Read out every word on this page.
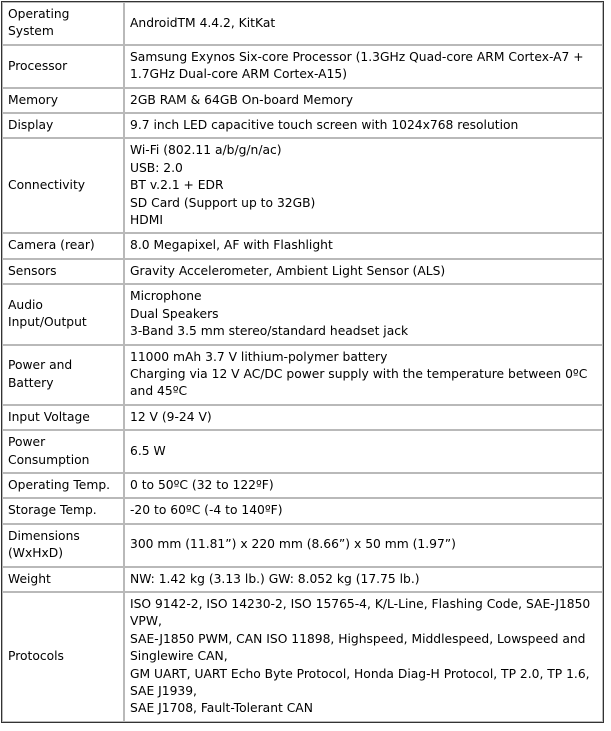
Operating System	AndroidTM 4.4.2, KitKat

Processor	Samsung Exynos Six-core Processor (1.3GHz Quad-core ARM Cortex-A7 + 1.7GHz Dual-core ARM Cortex-A15)

Memory	2GB RAM & 64GB On-board Memory

Display	9.7 inch LED capacitive touch screen with 1024x768 resolution

Connectivity	Wi-Fi (802.11 a/b/g/n/ac)
USB: 2.0
BT v.2.1 + EDR
SD Card (Support up to 32GB)
HDMI

Camera (rear)	8.0 Megapixel, AF with Flashlight

Sensors	Gravity Accelerometer, Ambient Light Sensor (ALS)

Audio
Input/Output	Microphone
Dual Speakers
3-Band 3.5 mm stereo/standard headset jack

Power and
Battery	11000 mAh 3.7 V lithium-polymer battery
Charging via 12 V AC/DC power supply with the temperature between 0ºC and 45ºC

Input Voltage	12 V (9-24 V)

Power
Consumption	6.5 W

Operating Temp.	0 to 50ºC (32 to 122ºF)

Storage Temp.	-20 to 60ºC (-4 to 140ºF)

Dimensions
(WxHxD)	300 mm (11.81”) x 220 mm (8.66”) x 50 mm (1.97”)

Weight	NW: 1.42 kg (3.13 lb.) GW: 8.052 kg (17.75 lb.)

Protocols	ISO 9142-2, ISO 14230-2, ISO 15765-4, K/L-Line, Flashing Code, SAE-J1850 VPW,
SAE-J1850 PWM, CAN ISO 11898, Highspeed, Middlespeed, Lowspeed and Singlewire CAN,
GM UART, UART Echo Byte Protocol, Honda Diag-H Protocol, TP 2.0, TP 1.6, SAE J1939,
SAE J1708, Fault-Tolerant CAN
